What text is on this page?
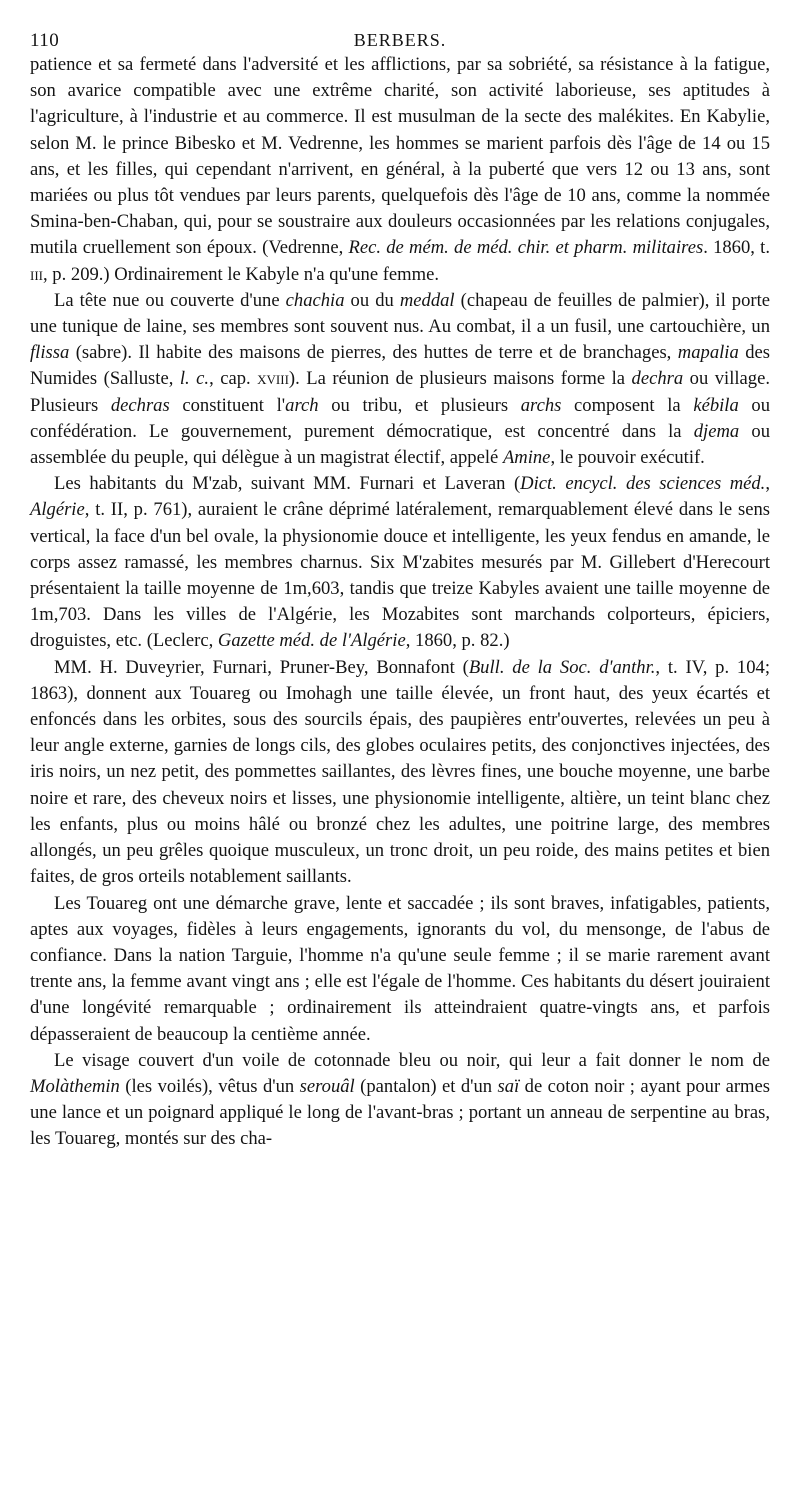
110	BERBERS.

patience et sa fermeté dans l'adversité et les afflictions, par sa sobriété, sa résistance à la fatigue, son avarice compatible avec une extrême charité, son activité laborieuse, ses aptitudes à l'agriculture, à l'industrie et au commerce. Il est musulman de la secte des malékites. En Kabylie, selon M. le prince Bibesko et M. Vedrenne, les hommes se marient parfois dès l'âge de 14 ou 15 ans, et les filles, qui cependant n'arrivent, en général, à la puberté que vers 12 ou 13 ans, sont mariées ou plus tôt vendues par leurs parents, quelquefois dès l'âge de 10 ans, comme la nommée Smina-ben-Chaban, qui, pour se soustraire aux douleurs occasionnées par les relations conjugales, mutila cruellement son époux. (Vedrenne, Rec. de mém. de méd. chir. et pharm. militaires. 1860, t. iii, p. 209.) Ordinairement le Kabyle n'a qu'une femme.

La tête nue ou couverte d'une chachia ou du meddal (chapeau de feuilles de palmier), il porte une tunique de laine, ses membres sont souvent nus. Au combat, il a un fusil, une cartouchière, un flissa (sabre). Il habite des maisons de pierres, des huttes de terre et de branchages, mapalia des Numides (Salluste, l. c., cap. xviii). La réunion de plusieurs maisons forme la dechra ou village. Plusieurs dechras constituent l'arch ou tribu, et plusieurs archs composent la kébila ou confédération. Le gouvernement, purement démocratique, est concentré dans la djema ou assemblée du peuple, qui délègue à un magistrat électif, appelé Amine, le pouvoir exécutif.

Les habitants du M'zab, suivant MM. Furnari et Laveran (Dict. encycl. des sciences méd., Algérie, t. II, p. 761), auraient le crâne déprimé latéralement, remarquablement élevé dans le sens vertical, la face d'un bel ovale, la physionomie douce et intelligente, les yeux fendus en amande, le corps assez ramassé, les membres charnus. Six M'zabites mesurés par M. Gillebert d'Herecourt présentaient la taille moyenne de 1m,603, tandis que treize Kabyles avaient une taille moyenne de 1m,703. Dans les villes de l'Algérie, les Mozabites sont marchands colporteurs, épiciers, droguistes, etc. (Leclerc, Gazette méd. de l'Algérie, 1860, p. 82.)

MM. H. Duveyrier, Furnari, Pruner-Bey, Bonnafont (Bull. de la Soc. d'anthr., t. IV, p. 104; 1863), donnent aux Touareg ou Imohagh une taille élevée, un front haut, des yeux écartés et enfoncés dans les orbites, sous des sourcils épais, des paupières entr'ouvertes, relevées un peu à leur angle externe, garnies de longs cils, des globes oculaires petits, des conjonctives injectées, des iris noirs, un nez petit, des pommettes saillantes, des lèvres fines, une bouche moyenne, une barbe noire et rare, des cheveux noirs et lisses, une physionomie intelligente, altière, un teint blanc chez les enfants, plus ou moins hâlé ou bronzé chez les adultes, une poitrine large, des membres allongés, un peu grêles quoique musculeux, un tronc droit, un peu roide, des mains petites et bien faites, de gros orteils notablement saillants.

Les Touareg ont une démarche grave, lente et saccadée ; ils sont braves, infatigables, patients, aptes aux voyages, fidèles à leurs engagements, ignorants du vol, du mensonge, de l'abus de confiance. Dans la nation Targuie, l'homme n'a qu'une seule femme ; il se marie rarement avant trente ans, la femme avant vingt ans ; elle est l'égale de l'homme. Ces habitants du désert jouiraient d'une longévité remarquable ; ordinairement ils atteindraient quatre-vingts ans, et parfois dépasseraient de beaucoup la centième année.

Le visage couvert d'un voile de cotonnade bleu ou noir, qui leur a fait donner le nom de Molàthemin (les voilés), vêtus d'un serouâl (pantalon) et d'un saï de coton noir ; ayant pour armes une lance et un poignard appliqué le long de l'avant-bras ; portant un anneau de serpentine au bras, les Touareg, montés sur des cha-
